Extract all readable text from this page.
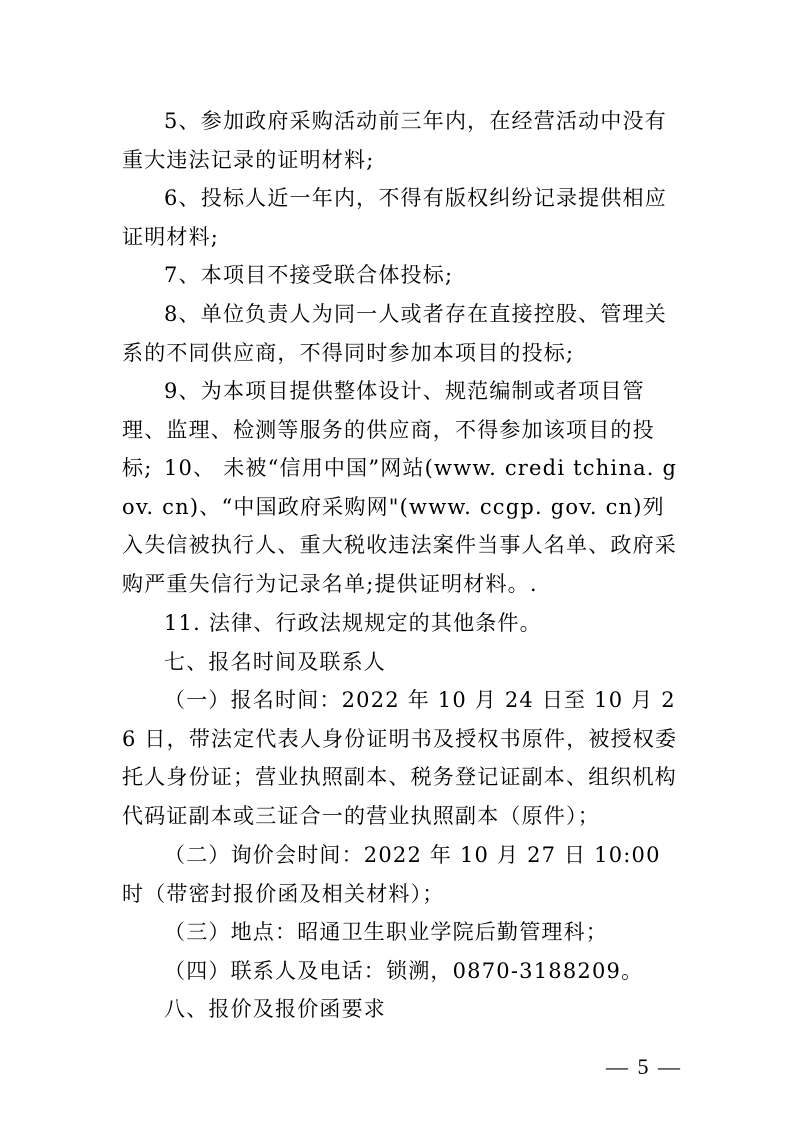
5、参加政府采购活动前三年内，在经营活动中没有重大违法记录的证明材料;

6、投标人近一年内，不得有版权纠纷记录提供相应证明材料;

7、本项目不接受联合体投标;

8、单位负责人为同一人或者存在直接控股、管理关系的不同供应商，不得同时参加本项目的投标;

9、为本项目提供整体设计、规范编制或者项目管理、监理、检测等服务的供应商，不得参加该项目的投标; 10、 未被“信用中国”网站(www. credi tchina. gov. cn)、“中国政府采购网"(www. ccgp. gov. cn)列入失信被执行人、重大税收违法案件当事人名单、政府采购严重失信行为记录名单;提供证明材料。.

11. 法律、行政法规规定的其他条件。

七、报名时间及联系人

（一）报名时间：2022 年 10 月 24 日至 10 月 26 日，带法定代表人身份证明书及授权书原件，被授权委托人身份证；营业执照副本、税务登记证副本、组织机构代码证副本或三证合一的营业执照副本（原件）；

（二）询价会时间：2022 年 10 月 27 日 10:00 时（带密封报价函及相关材料）；

（三）地点：昭通卫生职业学院后勤管理科；

（四）联系人及电话：锁溯，0870-3188209。

八、报价及报价函要求

— 5 —
